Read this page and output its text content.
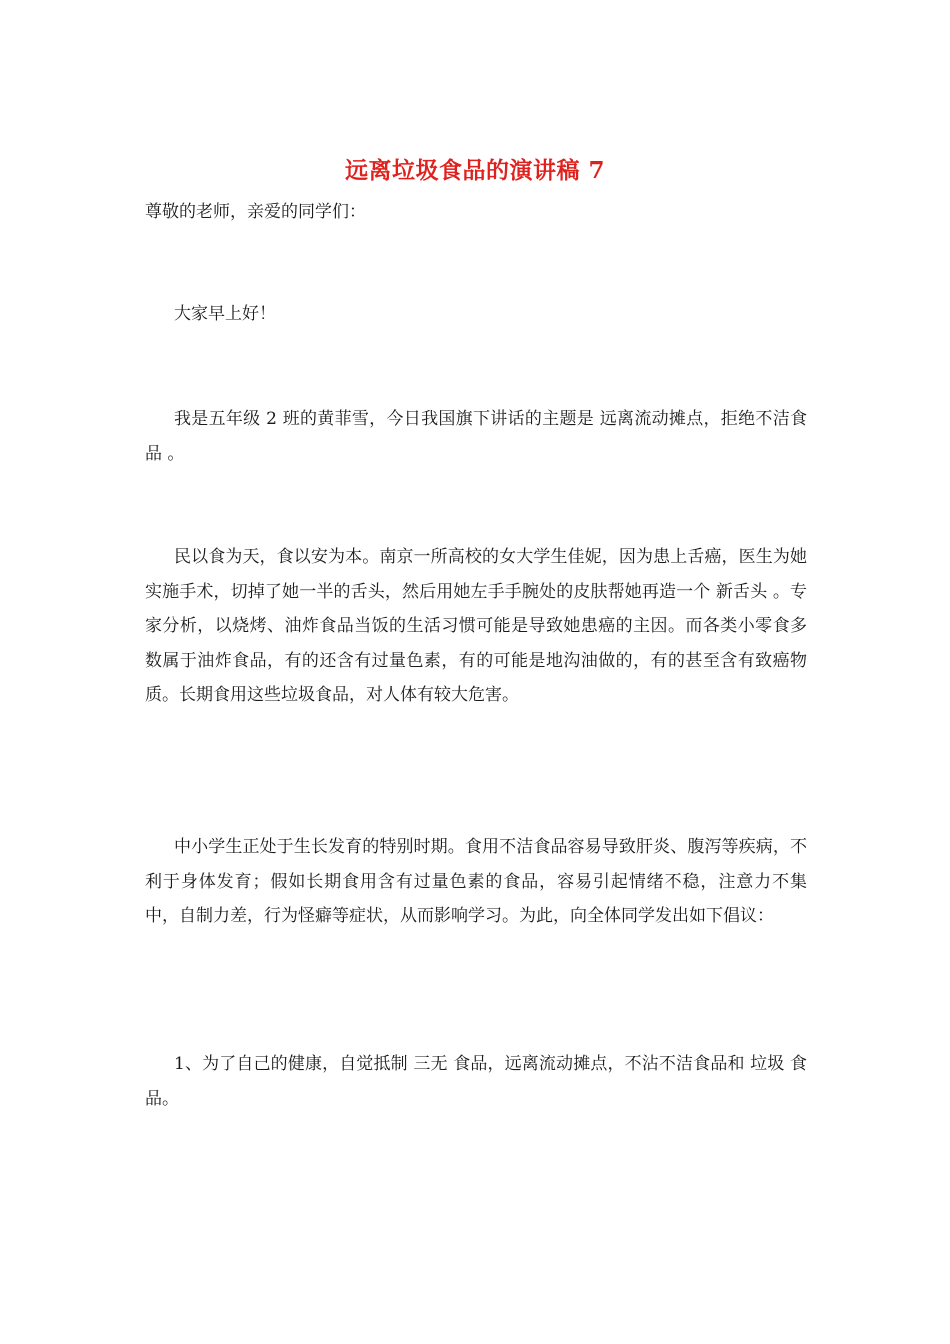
远离垃圾食品的演讲稿 7
尊敬的老师，亲爱的同学们：

大家早上好！

我是五年级 2 班的黄菲雪，今日我国旗下讲话的主题是 远离流动摊点，拒绝不洁食品 。

民以食为天，食以安为本。南京一所高校的女大学生佳妮，因为患上舌癌，医生为她实施手术，切掉了她一半的舌头，然后用她左手手腕处的皮肤帮她再造一个 新舌头 。专家分析，以烧烤、油炸食品当饭的生活习惯可能是导致她患癌的主因。而各类小零食多数属于油炸食品，有的还含有过量色素，有的可能是地沟油做的，有的甚至含有致癌物质。长期食用这些垃圾食品，对人体有较大危害。

中小学生正处于生长发育的特别时期。食用不洁食品容易导致肝炎、腹泻等疾病，不利于身体发育；假如长期食用含有过量色素的食品，容易引起情绪不稳，注意力不集中，自制力差，行为怪癖等症状，从而影响学习。为此，向全体同学发出如下倡议：

1、为了自己的健康，自觉抵制 三无 食品，远离流动摊点，不沾不洁食品和 垃圾 食品。
